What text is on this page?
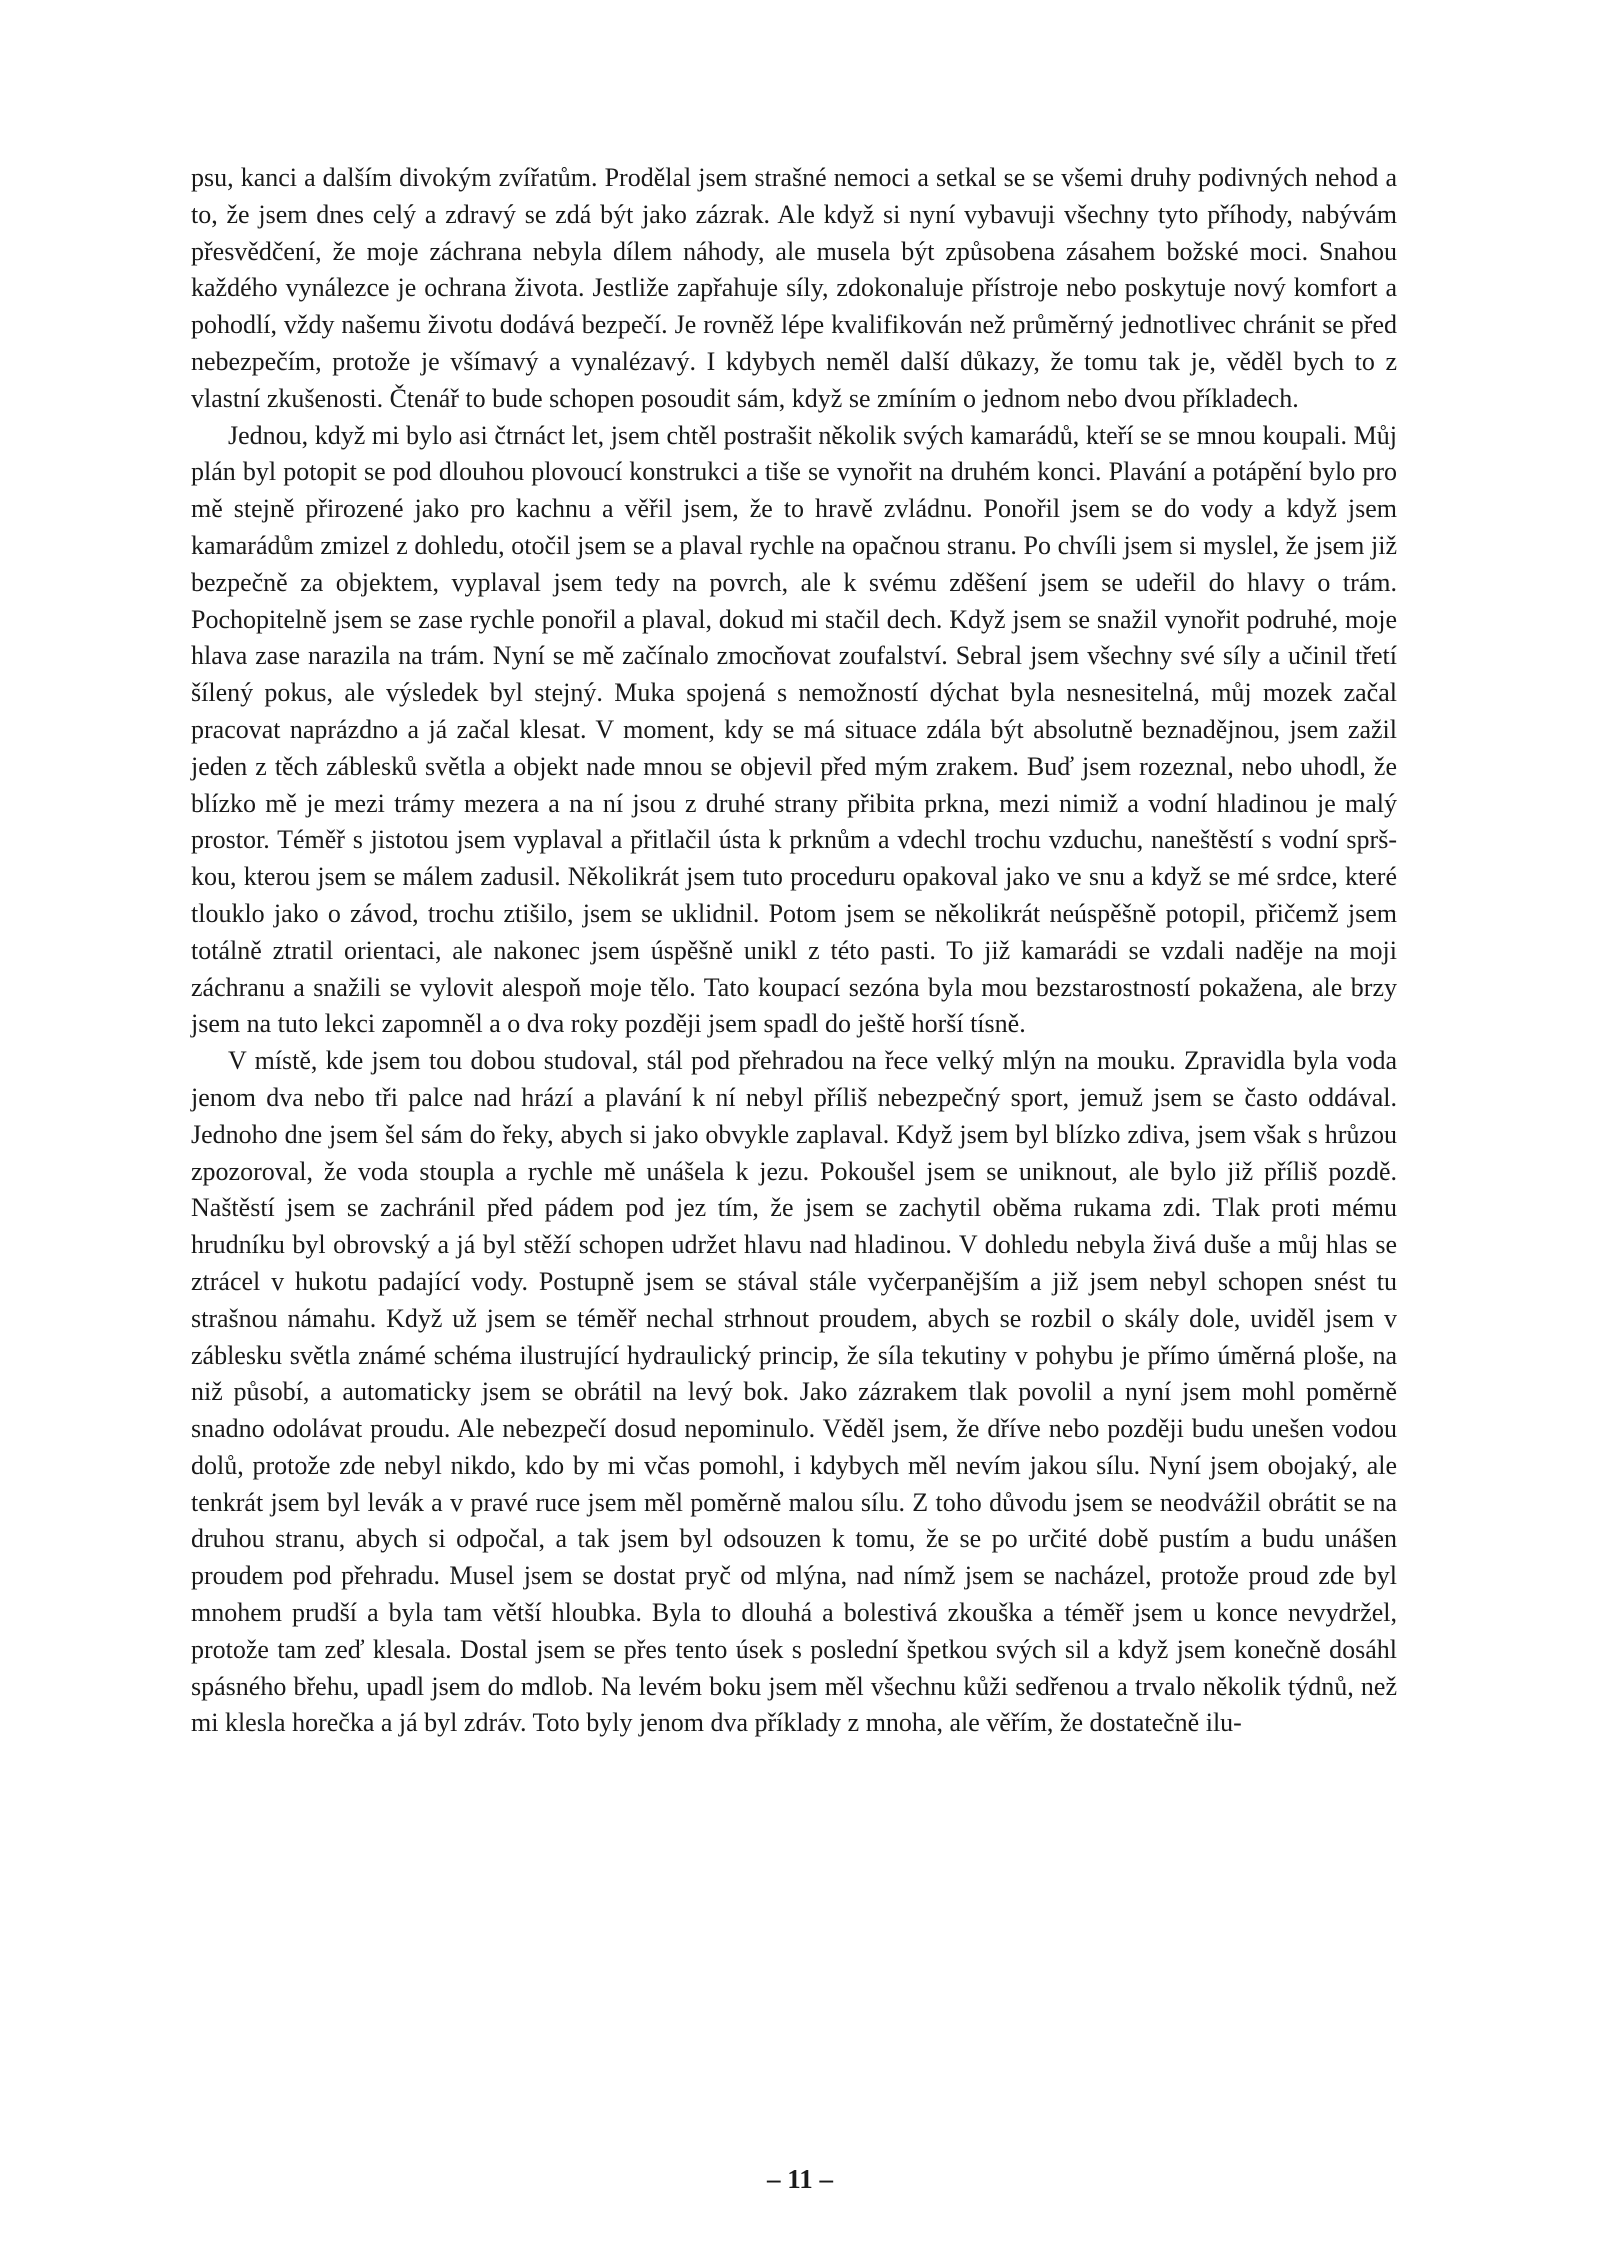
psu, kanci a dalším divokým zvířatům. Prodělal jsem strašné nemoci a setkal se se všemi druhy podivných nehod a to, že jsem dnes celý a zdravý se zdá být jako zázrak. Ale když si nyní vybavuji všechny tyto příhody, nabývám přesvědčení, že moje záchrana nebyla dílem náhody, ale musela být způsobena zásahem božské moci. Snahou každého vynálezce je ochrana života. Jestliže zapřahuje síly, zdokonaluje přístroje nebo poskytuje nový komfort a pohodlí, vždy našemu životu dodává bezpečí. Je rovněž lépe kvalifikován než průměrný jednotlivec chránit se před nebezpečím, protože je všímavý a vynalézavý. I kdybych neměl další důkazy, že tomu tak je, věděl bych to z vlastní zkušenosti. Čtenář to bude schopen posoudit sám, když se zmíním o jednom nebo dvou příkladech.

Jednou, když mi bylo asi čtrnáct let, jsem chtěl postrašit několik svých kamarádů, kteří se se mnou koupali. Můj plán byl potopit se pod dlouhou plovoucí konstrukci a tiše se vynořit na druhém konci. Plavání a potápění bylo pro mě stejně přirozené jako pro kachnu a věřil jsem, že to hravě zvládnu. Ponořil jsem se do vody a když jsem kamarádům zmizel z dohledu, otočil jsem se a plaval rychle na opačnou stranu. Po chvíli jsem si myslel, že jsem již bezpečně za objektem, vyplaval jsem tedy na povrch, ale k svému zděšení jsem se udeřil do hlavy o trám. Pochopitelně jsem se zase rychle ponořil a plaval, dokud mi stačil dech. Když jsem se snažil vynořit podruhé, moje hlava zase narazila na trám. Nyní se mě začínalo zmocňovat zoufalství. Sebral jsem všechny své síly a učinil třetí šílený pokus, ale výsledek byl stejný. Muka spojená s nemožností dýchat byla nesnesitelná, můj mozek začal pracovat naprázdno a já začal klesat. V moment, kdy se má situace zdála být absolutně beznadějnou, jsem zažil jeden z těch záblesků světla a objekt nade mnou se objevil před mým zrakem. Buď jsem rozeznal, nebo uhodl, že blízko mě je mezi trámy mezera a na ní jsou z druhé strany přibita prkna, mezi nimiž a vodní hladinou je malý prostor. Téměř s jistotou jsem vyplaval a přitlačil ústa k prknům a vdechl trochu vzduchu, naneštěstí s vodní sprškou, kterou jsem se málem zadusil. Několikrát jsem tuto proceduru opakoval jako ve snu a když se mé srdce, které tlouklo jako o závod, trochu ztišilo, jsem se uklidnil. Potom jsem se několikrát neúspěšně potopil, přičemž jsem totálně ztratil orientaci, ale nakonec jsem úspěšně unikl z této pasti. To již kamarádi se vzdali naděje na moji záchranu a snažili se vylovit alespoň moje tělo. Tato koupací sezóna byla mou bezstarostností pokažena, ale brzy jsem na tuto lekci zapomněl a o dva roky později jsem spadl do ještě horší tísně.

V místě, kde jsem tou dobou studoval, stál pod přehradou na řece velký mlýn na mouku. Zpravidla byla voda jenom dva nebo tři palce nad hrází a plavání k ní nebyl příliš nebezpečný sport, jemuž jsem se často oddával. Jednoho dne jsem šel sám do řeky, abych si jako obvykle zaplaval. Když jsem byl blízko zdiva, jsem však s hrůzou zpozoroval, že voda stoupla a rychle mě unášela k jezu. Pokoušel jsem se uniknout, ale bylo již příliš pozdě. Naštěstí jsem se zachránil před pádem pod jez tím, že jsem se zachytil oběma rukama zdi. Tlak proti mému hrudníku byl obrovský a já byl stěží schopen udržet hlavu nad hladinou. V dohledu nebyla živá duše a můj hlas se ztrácel v hukotu padající vody. Postupně jsem se stával stále vyčerpanějším a již jsem nebyl schopen snést tu strašnou námahu. Když už jsem se téměř nechal strhnout proudem, abych se rozbil o skály dole, uviděl jsem v záblesku světla známé schéma ilustrující hydraulický princip, že síla tekutiny v pohybu je přímo úměrná ploše, na niž působí, a automaticky jsem se obrátil na levý bok. Jako zázrakem tlak povolil a nyní jsem mohl poměrně snadno odolávat proudu. Ale nebezpečí dosud nepominulo. Věděl jsem, že dříve nebo později budu unešen vodou dolů, protože zde nebyl nikdo, kdo by mi včas pomohl, i kdybych měl nevím jakou sílu. Nyní jsem obojaký, ale tenkrát jsem byl levák a v pravé ruce jsem měl poměrně malou sílu. Z toho důvodu jsem se neodvážil obrátit se na druhou stranu, abych si odpočal, a tak jsem byl odsouzen k tomu, že se po určité době pustím a budu unášen proudem pod přehradu. Musel jsem se dostat pryč od mlýna, nad nímž jsem se nacházel, protože proud zde byl mnohem prudší a byla tam větší hloubka. Byla to dlouhá a bolestivá zkouška a téměř jsem u konce nevydržel, protože tam zeď klesala. Dostal jsem se přes tento úsek s poslední špetkou svých sil a když jsem konečně dosáhl spásného břehu, upadl jsem do mdlob. Na levém boku jsem měl všechnu kůži sedřenou a trvalo několik týdnů, než mi klesla horečka a já byl zdráv. Toto byly jenom dva příklady z mnoha, ale věřím, že dostatečně ilu-

– 11 –
